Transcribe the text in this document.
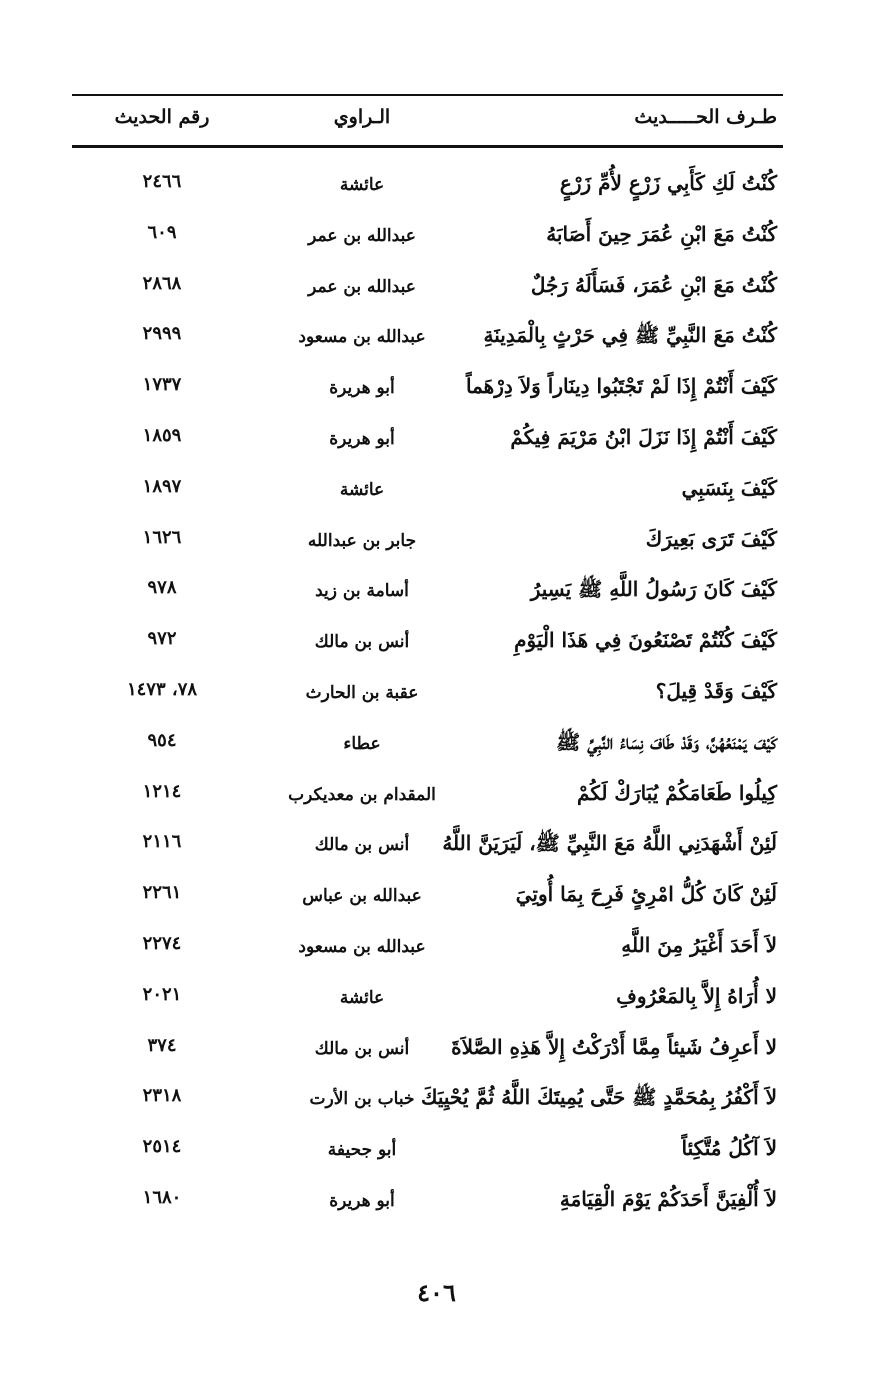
طـرف الحـــــديث
الـراوي
رقم الحديث
كُنْتُ لَكِ كَأَبِي زَرْعٍ لأُمِّ زَرْعٍ
عائشة
٢٤٦٦
كُنْتُ مَعَ ابْنِ عُمَرَ حِينَ أَصَابَهُ
عبدالله بن عمر
٦٠٩
كُنْتُ مَعَ ابْنِ عُمَرَ، فَسَأَلَهُ رَجُلٌ
عبدالله بن عمر
٢٨٦٨
كُنْتُ مَعَ النَّبِيِّ ﷺ فِي حَرْثٍ بِالْمَدِينَةِ
عبدالله بن مسعود
٢٩٩٩
كَيْفَ أَنْتُمْ إِذَا لَمْ تَجْتَبُوا دِينَاراً وَلاَ دِرْهَماً
أبو هريرة
١٧٣٧
كَيْفَ أَنْتُمْ إِذَا نَزَلَ ابْنُ مَرْيَمَ فِيكُمْ
أبو هريرة
١٨٥٩
كَيْفَ بِنَسَبِي
عائشة
١٨٩٧
كَيْفَ تَرَى بَعِيرَكَ
جابر بن عبدالله
١٦٢٦
كَيْفَ كَانَ رَسُولُ اللَّهِ ﷺ يَسِيرُ
أسامة بن زيد
٩٧٨
كَيْفَ كُنْتُمْ تَصْنَعُونَ فِي هَذَا الْيَوْمِ
أنس بن مالك
٩٧٢
كَيْفَ وَقَدْ قِيلَ؟
عقبة بن الحارث
٧٨، ١٤٧٣
كَيْفَ يَمْنَعُهُنَّ، وَقَدْ طَافَ نِسَاءُ النَّبِيِّ ﷺ
عطاء
٩٥٤
كِيلُوا طَعَامَكُمْ يُبَارَكْ لَكُمْ
المقدام بن معديكرب
١٢١٤
لَئِنْ أَشْهَدَنِي اللَّهُ مَعَ النَّبِيِّ ﷺ، لَيَرَيَنَّ اللَّهُ
أنس بن مالك
٢١١٦
لَئِنْ كَانَ كُلُّ امْرِئٍ فَرِحَ بِمَا أُوتِيَ
عبدالله بن عباس
٢٢٦١
لاَ أَحَدَ أَغْيَرُ مِنَ اللَّهِ
عبدالله بن مسعود
٢٢٧٤
لا أُرَاهُ إِلاَّ بِالمَعْرُوفِ
عائشة
٢٠٢١
لا أَعرِفُ شَيئاً مِمَّا أَدْرَكْتُ إِلاَّ هَذِهِ الصَّلاَةَ
أنس بن مالك
٣٧٤
لاَ أَكْفُرُ بِمُحَمَّدٍ ﷺ حَتَّى يُمِيتَكَ اللَّهُ ثُمَّ يُحْيِيَكَ
خباب بن الأرت
٢٣١٨
لاَ آكُلُ مُتَّكِئاً
أبو جحيفة
٢٥١٤
لاَ أُلْفِيَنَّ أَحَدَكُمْ يَوْمَ الْقِيَامَةِ
أبو هريرة
١٦٨٠
٤٠٦
